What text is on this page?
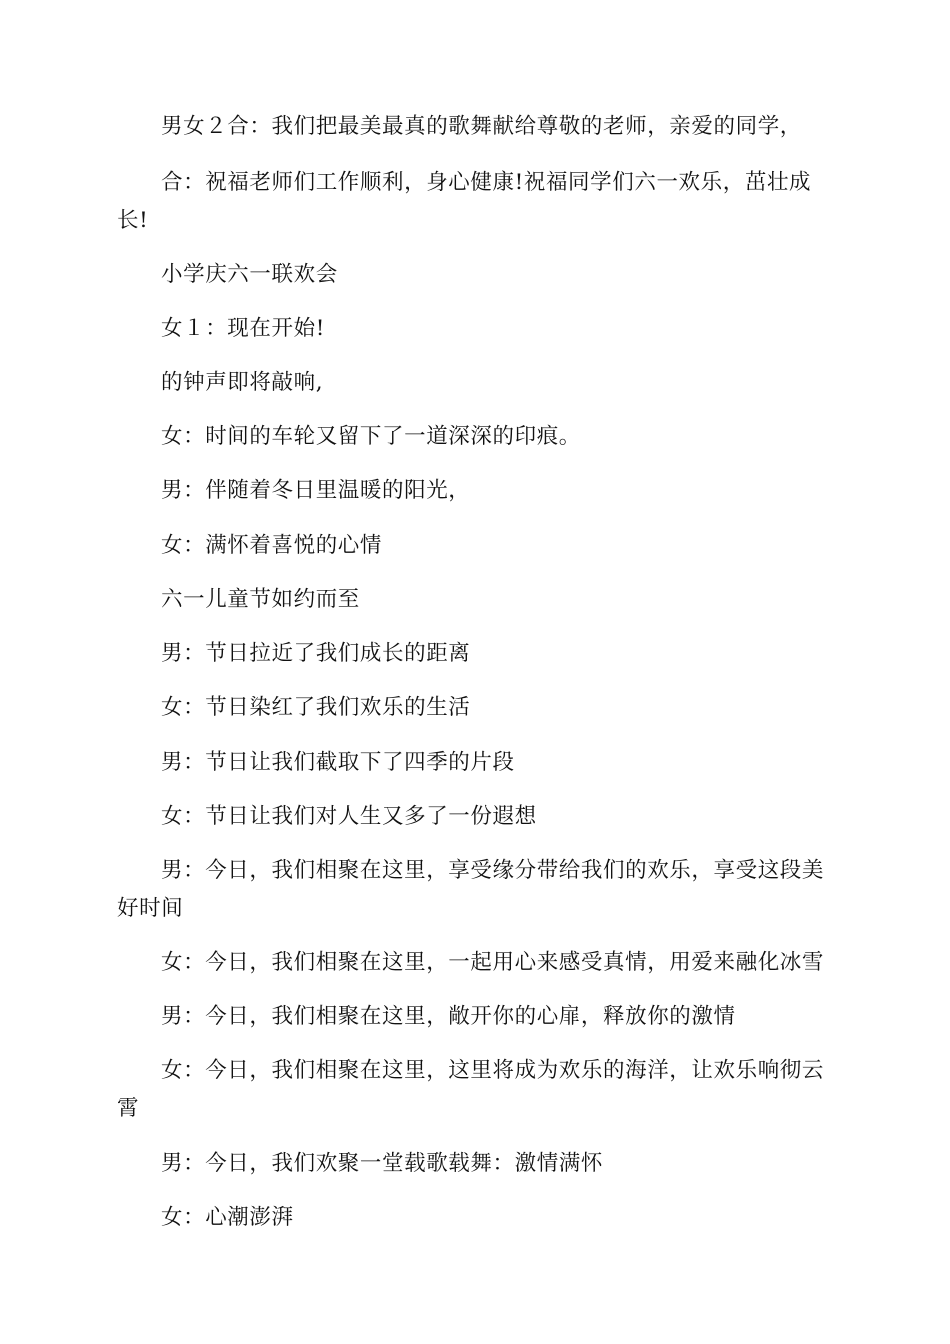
男女２合：我们把最美最真的歌舞献给尊敬的老师，亲爱的同学，

合：祝福老师们工作顺利，身心健康!祝福同学们六一欢乐，茁壮成长!

小学庆六一联欢会

女１：现在开始!

的钟声即将敲响,

女：时间的车轮又留下了一道深深的印痕。

男：伴随着冬日里温暖的阳光，

女：满怀着喜悦的心情

六一儿童节如约而至

男：节日拉近了我们成长的距离

女：节日染红了我们欢乐的生活

男：节日让我们截取下了四季的片段

女：节日让我们对人生又多了一份遐想

男：今日，我们相聚在这里，享受缘分带给我们的欢乐，享受这段美好时间

女：今日，我们相聚在这里，一起用心来感受真情，用爱来融化冰雪

男：今日，我们相聚在这里，敞开你的心扉，释放你的激情

女：今日，我们相聚在这里，这里将成为欢乐的海洋，让欢乐响彻云霄

男：今日，我们欢聚一堂载歌载舞：激情满怀

女：心潮澎湃
